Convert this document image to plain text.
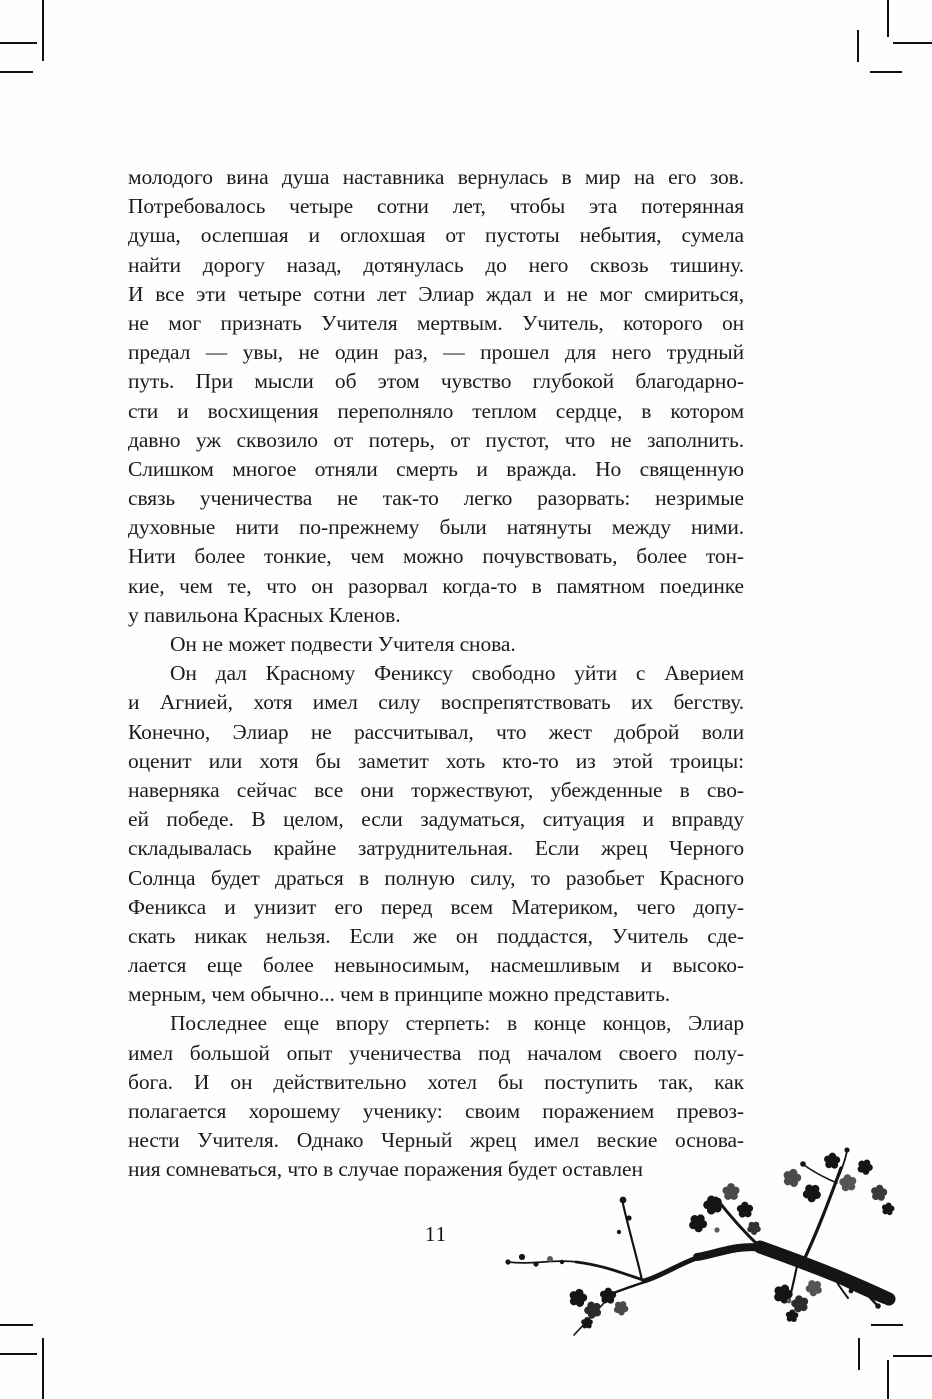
молодого вина душа наставника вернулась в мир на его зов.
Потребовалось четыре сотни лет, чтобы эта потерянная
душа, ослепшая и оглохшая от пустоты небытия, сумела
найти дорогу назад, дотянулась до него сквозь тишину.
И все эти четыре сотни лет Элиар ждал и не мог смириться,
не мог признать Учителя мертвым. Учитель, которого он
предал — увы, не один раз, — прошел для него трудный
путь. При мысли об этом чувство глубокой благодарно-
сти и восхищения переполняло теплом сердце, в котором
давно уж сквозило от потерь, от пустот, что не заполнить.
Слишком многое отняли смерть и вражда. Но священную
связь ученичества не так-то легко разорвать: незримые
духовные нити по-прежнему были натянуты между ними.
Нити более тонкие, чем можно почувствовать, более тон-
кие, чем те, что он разорвал когда-то в памятном поединке
у павильона Красных Кленов.
Он не может подвести Учителя снова.
Он дал Красному Фениксу свободно уйти с Аверием
и Агнией, хотя имел силу воспрепятствовать их бегству.
Конечно, Элиар не рассчитывал, что жест доброй воли
оценит или хотя бы заметит хоть кто-то из этой троицы:
наверняка сейчас все они торжествуют, убежденные в сво-
ей победе. В целом, если задуматься, ситуация и вправду
складывалась крайне затруднительная. Если жрец Черного
Солнца будет драться в полную силу, то разобьет Красного
Феникса и унизит его перед всем Материком, чего допу-
скать никак нельзя. Если же он поддастся, Учитель сде-
лается еще более невыносимым, насмешливым и высоко-
мерным, чем обычно... чем в принципе можно представить.
Последнее еще впору стерпеть: в конце концов, Элиар
имел большой опыт ученичества под началом своего полу-
бога. И он действительно хотел бы поступить так, как
полагается хорошему ученику: своим поражением превоз-
нести Учителя. Однако Черный жрец имел веские основа-
ния сомневаться, что в случае поражения будет оставлен
11
